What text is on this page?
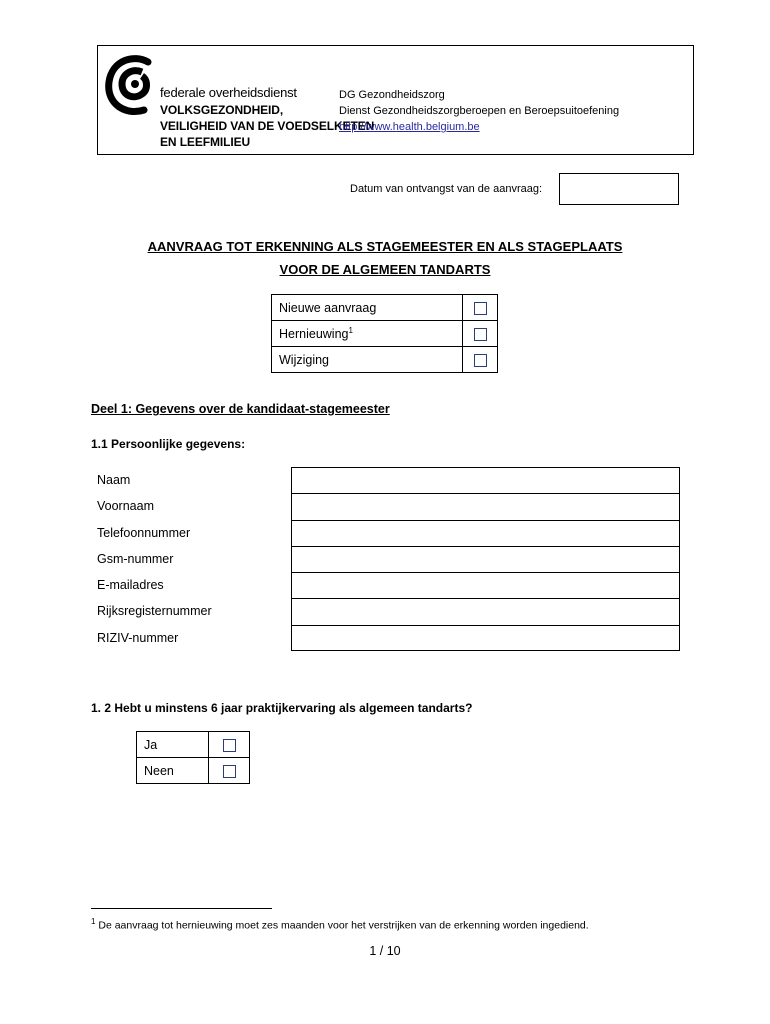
federale overheidsdienst
VOLKSGEZONDHEID,
VEILIGHEID VAN DE VOEDSELKETEN
EN LEEFMILIEU
DG Gezondheidszorg
Dienst Gezondheidszorgberoepen en Beroepsuitoefening
http://www.health.belgium.be
Datum van ontvangst van de aanvraag:
AANVRAAG TOT ERKENNING ALS STAGEMEESTER EN ALS STAGEPLAATS
VOOR DE ALGEMEEN TANDARTS
Nieuwe aanvraag	
Hernieuwing$^1$	
Wijziging	
Deel 1: Gegevens over de kandidaat-stagemeester
1.1 Persoonlijke gegevens:
Naam
Voornaam
Telefoonnummer
Gsm-nummer
E-mailadres
Rijksregisternummer
RIZIV-nummer
1. 2 Hebt u minstens 6 jaar praktijkervaring als algemeen tandarts?
Ja	
Neen	
$^1$ De aanvraag tot hernieuwing moet zes maanden voor het verstrijken van de erkenning worden ingediend.
1 / 10
